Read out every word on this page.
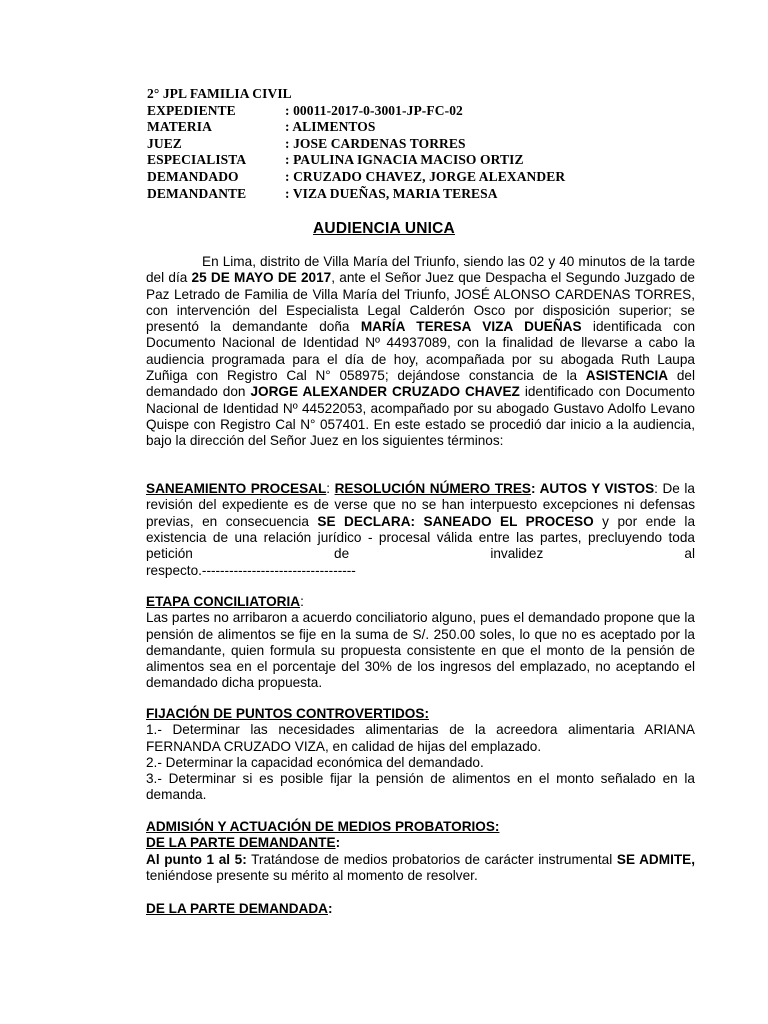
2° JPL FAMILIA CIVIL
EXPEDIENTE	: 00011-2017-0-3001-JP-FC-02
MATERIA	: ALIMENTOS
JUEZ	: JOSE CARDENAS TORRES
ESPECIALISTA	: PAULINA IGNACIA MACISO ORTIZ
DEMANDADO	: CRUZADO CHAVEZ, JORGE ALEXANDER
DEMANDANTE	: VIZA DUEÑAS, MARIA TERESA
AUDIENCIA UNICA
En Lima, distrito de Villa María del Triunfo, siendo las 02 y 40 minutos de la tarde del día 25 DE MAYO DE 2017, ante el Señor Juez que Despacha el Segundo Juzgado de Paz Letrado de Familia de Villa María del Triunfo, JOSÉ ALONSO CARDENAS TORRES, con intervención del Especialista Legal Calderón Osco por disposición superior; se presentó la demandante doña MARÍA TERESA VIZA DUEÑAS identificada con Documento Nacional de Identidad Nº 44937089, con la finalidad de llevarse a cabo la audiencia programada para el día de hoy, acompañada por su abogada Ruth Laupa Zuñiga con Registro Cal N° 058975; dejándose constancia de la ASISTENCIA del demandado don JORGE ALEXANDER CRUZADO CHAVEZ identificado con Documento Nacional de Identidad Nº 44522053, acompañado por su abogado Gustavo Adolfo Levano Quispe con Registro Cal N° 057401. En este estado se procedió dar inicio a la audiencia, bajo la dirección del Señor Juez en los siguientes términos:
SANEAMIENTO PROCESAL: RESOLUCIÓN NÚMERO TRES: AUTOS Y VISTOS: De la revisión del expediente es de verse que no se han interpuesto excepciones ni defensas previas, en consecuencia SE DECLARA: SANEADO EL PROCESO y por ende la existencia de una relación jurídico - procesal válida entre las partes, precluyendo toda petición de invalidez al
respecto.----------------------------------
ETAPA CONCILIATORIA:
Las partes no arribaron a acuerdo conciliatorio alguno, pues el demandado propone que la pensión de alimentos se fije en la suma de S/. 250.00 soles, lo que no es aceptado por la demandante, quien formula su propuesta consistente en que el monto de la pensión de alimentos sea en el porcentaje del 30% de los ingresos del emplazado, no aceptando el demandado dicha propuesta.
FIJACIÓN DE PUNTOS CONTROVERTIDOS:
1.- Determinar las necesidades alimentarias de la acreedora alimentaria ARIANA FERNANDA CRUZADO VIZA, en calidad de hijas del emplazado.
2.- Determinar la capacidad económica del demandado.
3.- Determinar si es posible fijar la pensión de alimentos en el monto señalado en la demanda.
ADMISIÓN Y ACTUACIÓN DE MEDIOS PROBATORIOS:
DE LA PARTE DEMANDANTE:
Al punto 1 al 5: Tratándose de medios probatorios de carácter instrumental SE ADMITE, teniéndose presente su mérito al momento de resolver.
DE LA PARTE DEMANDADA:
